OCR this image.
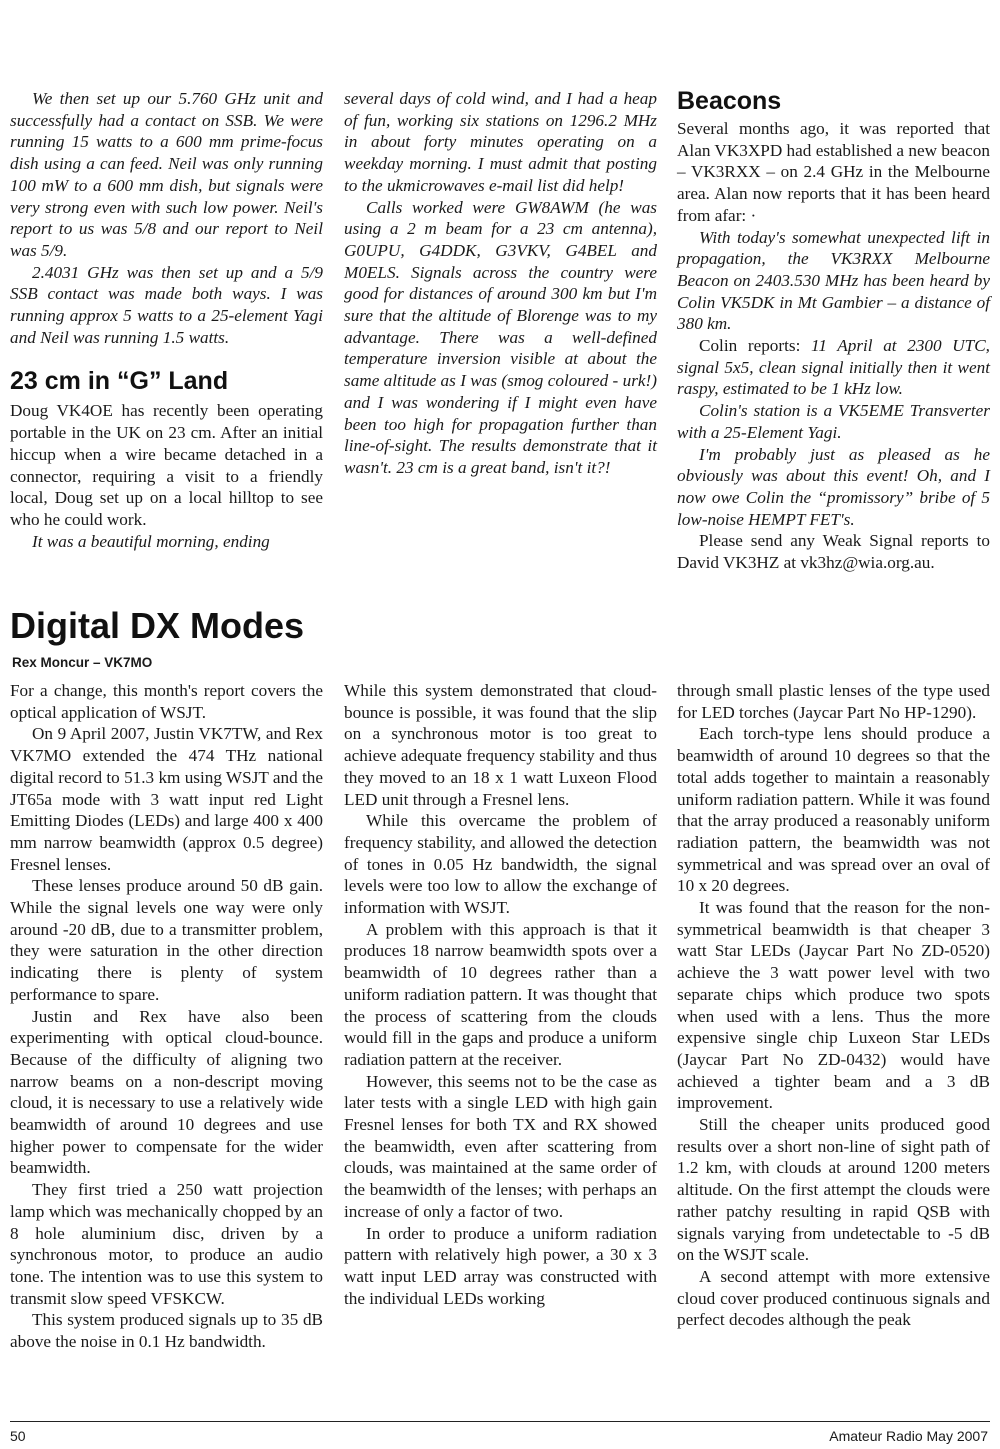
We then set up our 5.760 GHz unit and successfully had a contact on SSB. We were running 15 watts to a 600 mm prime-focus dish using a can feed. Neil was only running 100 mW to a 600 mm dish, but signals were very strong even with such low power. Neil's report to us was 5/8 and our report to Neil was 5/9.

2.4031 GHz was then set up and a 5/9 SSB contact was made both ways. I was running approx 5 watts to a 25-element Yagi and Neil was running 1.5 watts.

23 cm in “G” Land

Doug VK4OE has recently been operating portable in the UK on 23 cm. After an initial hiccup when a wire became detached in a connector, requiring a visit to a friendly local, Doug set up on a local hilltop to see who he could work.

It was a beautiful morning, ending

several days of cold wind, and I had a heap of fun, working six stations on 1296.2 MHz in about forty minutes operating on a weekday morning. I must admit that posting to the ukmicrowaves e-mail list did help!

Calls worked were GW8AWM (he was using a 2 m beam for a 23 cm antenna), G0UPU, G4DDK, G3VKV, G4BEL and M0ELS. Signals across the country were good for distances of around 300 km but I'm sure that the altitude of Blorenge was to my advantage. There was a well-defined temperature inversion visible at about the same altitude as I was (smog coloured - urk!) and I was wondering if I might even have been too high for propagation further than line-of-sight. The results demonstrate that it wasn't. 23 cm is a great band, isn't it?!

Beacons

Several months ago, it was reported that Alan VK3XPD had established a new beacon – VK3RXX – on 2.4 GHz in the Melbourne area. Alan now reports that it has been heard from afar: ·

With today's somewhat unexpected lift in propagation, the VK3RXX Melbourne Beacon on 2403.530 MHz has been heard by Colin VK5DK in Mt Gambier – a distance of 380 km.

Colin reports: 11 April at 2300 UTC, signal 5x5, clean signal initially then it went raspy, estimated to be 1 kHz low.

Colin's station is a VK5EME Transverter with a 25-Element Yagi.

I'm probably just as pleased as he obviously was about this event! Oh, and I now owe Colin the “promissory” bribe of 5 low-noise HEMPT FET's.

Please send any Weak Signal reports to David VK3HZ at vk3hz@wia.org.au.

Digital DX Modes

Rex Moncur – VK7MO

For a change, this month's report covers the optical application of WSJT.

On 9 April 2007, Justin VK7TW, and Rex VK7MO extended the 474 THz national digital record to 51.3 km using WSJT and the JT65a mode with 3 watt input red Light Emitting Diodes (LEDs) and large 400 x 400 mm narrow beamwidth (approx 0.5 degree) Fresnel lenses.

These lenses produce around 50 dB gain. While the signal levels one way were only around -20 dB, due to a transmitter problem, they were saturation in the other direction indicating there is plenty of system performance to spare.

Justin and Rex have also been experimenting with optical cloud-bounce. Because of the difficulty of aligning two narrow beams on a non-descript moving cloud, it is necessary to use a relatively wide beamwidth of around 10 degrees and use higher power to compensate for the wider beamwidth.

They first tried a 250 watt projection lamp which was mechanically chopped by an 8 hole aluminium disc, driven by a synchronous motor, to produce an audio tone. The intention was to use this system to transmit slow speed VFSKCW.

This system produced signals up to 35 dB above the noise in 0.1 Hz bandwidth.

While this system demonstrated that cloud-bounce is possible, it was found that the slip on a synchronous motor is too great to achieve adequate frequency stability and thus they moved to an 18 x 1 watt Luxeon Flood LED unit through a Fresnel lens.

While this overcame the problem of frequency stability, and allowed the detection of tones in 0.05 Hz bandwidth, the signal levels were too low to allow the exchange of information with WSJT.

A problem with this approach is that it produces 18 narrow beamwidth spots over a beamwidth of 10 degrees rather than a uniform radiation pattern. It was thought that the process of scattering from the clouds would fill in the gaps and produce a uniform radiation pattern at the receiver.

However, this seems not to be the case as later tests with a single LED with high gain Fresnel lenses for both TX and RX showed the beamwidth, even after scattering from clouds, was maintained at the same order of the beamwidth of the lenses; with perhaps an increase of only a factor of two.

In order to produce a uniform radiation pattern with relatively high power, a 30 x 3 watt input LED array was constructed with the individual LEDs working

through small plastic lenses of the type used for LED torches (Jaycar Part No HP-1290).

Each torch-type lens should produce a beamwidth of around 10 degrees so that the total adds together to maintain a reasonably uniform radiation pattern. While it was found that the array produced a reasonably uniform radiation pattern, the beamwidth was not symmetrical and was spread over an oval of 10 x 20 degrees.

It was found that the reason for the non-symmetrical beamwidth is that cheaper 3 watt Star LEDs (Jaycar Part No ZD-0520) achieve the 3 watt power level with two separate chips which produce two spots when used with a lens. Thus the more expensive single chip Luxeon Star LEDs (Jaycar Part No ZD-0432) would have achieved a tighter beam and a 3 dB improvement.

Still the cheaper units produced good results over a short non-line of sight path of 1.2 km, with clouds at around 1200 meters altitude. On the first attempt the clouds were rather patchy resulting in rapid QSB with signals varying from undetectable to -5 dB on the WSJT scale.

A second attempt with more extensive cloud cover produced continuous signals and perfect decodes although the peak

50	Amateur Radio May 2007
